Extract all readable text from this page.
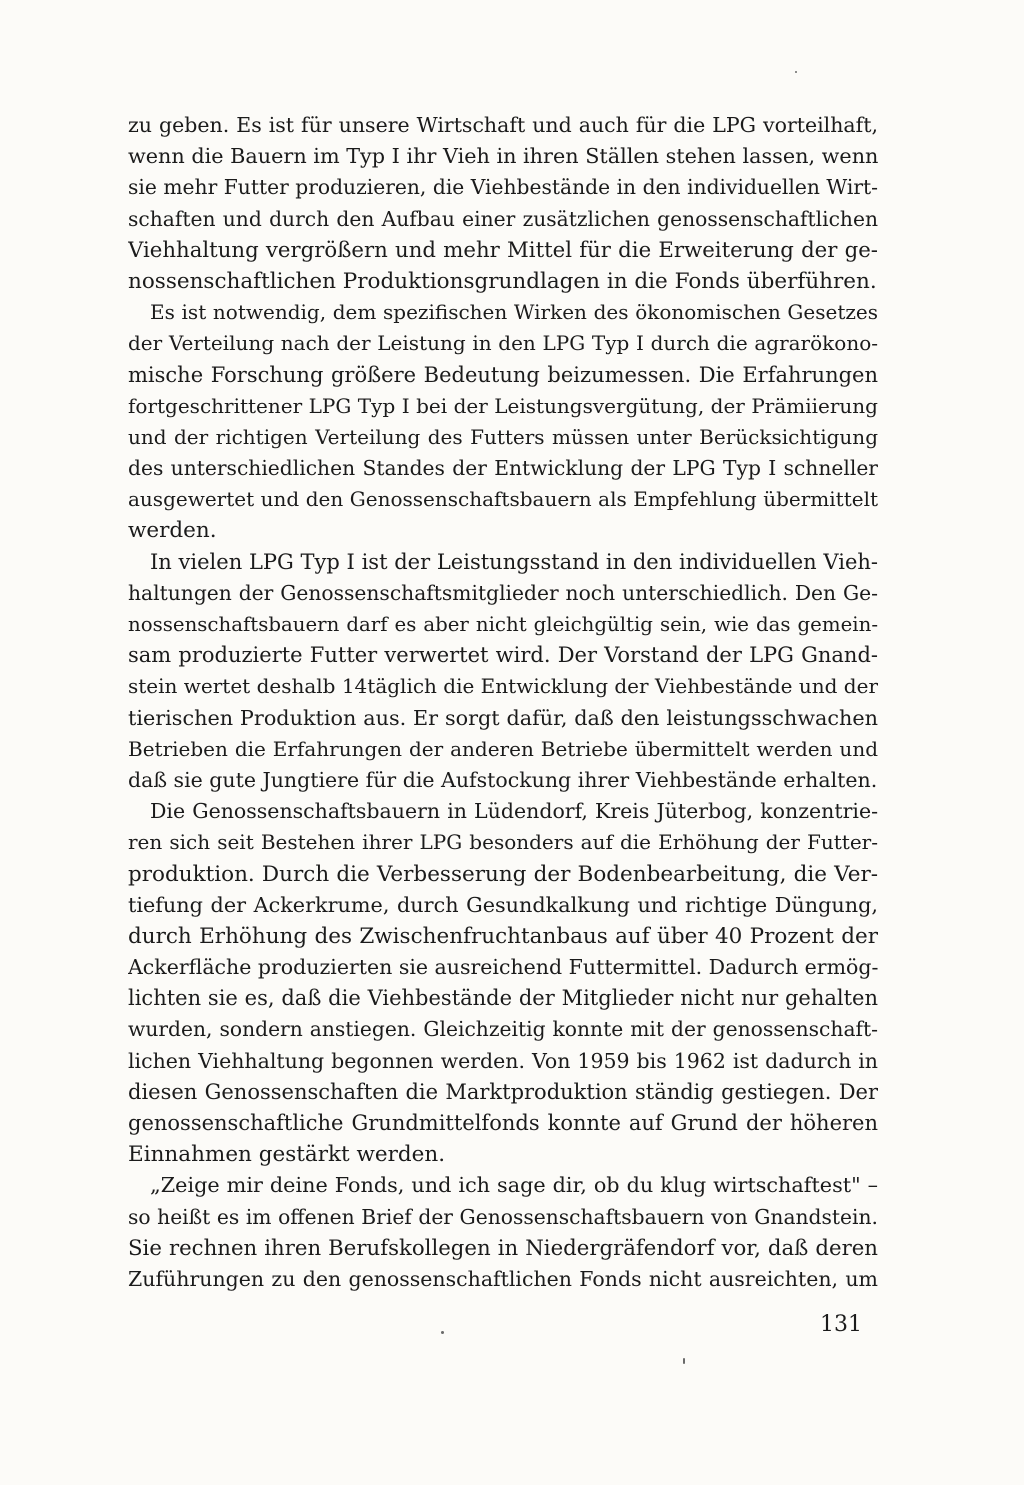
zu geben. Es ist für unsere Wirtschaft und auch für die LPG vorteilhaft,
wenn die Bauern im Typ I ihr Vieh in ihren Ställen stehen lassen, wenn
sie mehr Futter produzieren, die Viehbestände in den individuellen Wirt-
schaften und durch den Aufbau einer zusätzlichen genossenschaftlichen
Viehhaltung vergrößern und mehr Mittel für die Erweiterung der ge-
nossenschaftlichen Produktionsgrundlagen in die Fonds überführen.
Es ist notwendig, dem spezifischen Wirken des ökonomischen Gesetzes
der Verteilung nach der Leistung in den LPG Typ I durch die agrarökono-
mische Forschung größere Bedeutung beizumessen. Die Erfahrungen
fortgeschrittener LPG Typ I bei der Leistungsvergütung, der Prämiierung
und der richtigen Verteilung des Futters müssen unter Berücksichtigung
des unterschiedlichen Standes der Entwicklung der LPG Typ I schneller
ausgewertet und den Genossenschaftsbauern als Empfehlung übermittelt
werden.
In vielen LPG Typ I ist der Leistungsstand in den individuellen Vieh-
haltungen der Genossenschaftsmitglieder noch unterschiedlich. Den Ge-
nossenschaftsbauern darf es aber nicht gleichgültig sein, wie das gemein-
sam produzierte Futter verwertet wird. Der Vorstand der LPG Gnand-
stein wertet deshalb 14täglich die Entwicklung der Viehbestände und der
tierischen Produktion aus. Er sorgt dafür, daß den leistungsschwachen
Betrieben die Erfahrungen der anderen Betriebe übermittelt werden und
daß sie gute Jungtiere für die Aufstockung ihrer Viehbestände erhalten.
Die Genossenschaftsbauern in Lüdendorf, Kreis Jüterbog, konzentrie-
ren sich seit Bestehen ihrer LPG besonders auf die Erhöhung der Futter-
produktion. Durch die Verbesserung der Bodenbearbeitung, die Ver-
tiefung der Ackerkrume, durch Gesundkalkung und richtige Düngung,
durch Erhöhung des Zwischenfruchtanbaus auf über 40 Prozent der
Ackerfläche produzierten sie ausreichend Futtermittel. Dadurch ermög-
lichten sie es, daß die Viehbestände der Mitglieder nicht nur gehalten
wurden, sondern anstiegen. Gleichzeitig konnte mit der genossenschaft-
lichen Viehhaltung begonnen werden. Von 1959 bis 1962 ist dadurch in
diesen Genossenschaften die Marktproduktion ständig gestiegen. Der
genossenschaftliche Grundmittelfonds konnte auf Grund der höheren
Einnahmen gestärkt werden.
„Zeige mir deine Fonds, und ich sage dir, ob du klug wirtschaftest" –
so heißt es im offenen Brief der Genossenschaftsbauern von Gnandstein.
Sie rechnen ihren Berufskollegen in Niedergräfendorf vor, daß deren
Zuführungen zu den genossenschaftlichen Fonds nicht ausreichten, um
131
